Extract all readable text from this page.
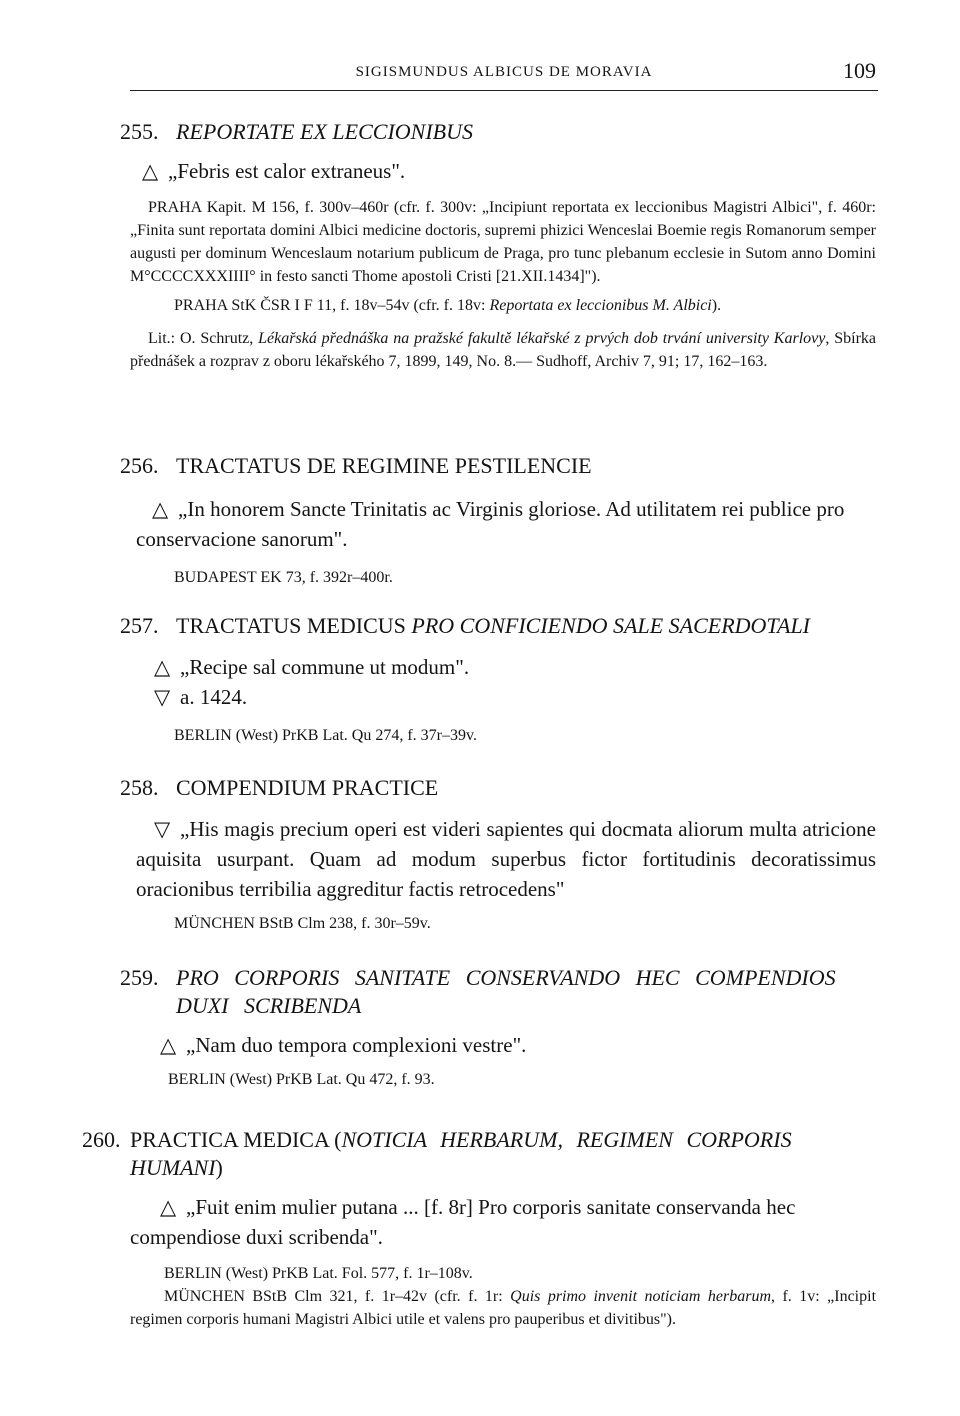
SIGISMUNDUS ALBICUS DE MORAVIA	109

255. REPORTATE EX LECCIONIBUS

△„Febris est calor extraneus".
PRAHA Kapit. M 156, f. 300v–460r (cfr. f. 300v: „Incipiunt reportata ex leccionibus Magistri Albici", f. 460r: „Finita sunt reportata domini Albici medicine doctoris, supremi phizici Wenceslai Boemie regis Romanorum semper augusti per dominum Wenceslaum notarium publicum de Praga, pro tunc plebanum ecclesie in Sutom anno Domini M°CCCCXXXIIII° in festo sancti Thome apostoli Cristi [21.XII.1434]").
PRAHA StK ČSR I F 11, f. 18v–54v (cfr. f. 18v: Reportata ex leccionibus M. Albici).
Lit.: O. Schrutz, Lékařská přednáška na pražské fakultě lékařské z prvých dob trvání university Karlovy, Sbírka přednášek a rozprav z oboru lékařského 7, 1899, 149, No. 8.— Sudhoff, Archiv 7, 91; 17, 162–163.

256. TRACTATUS DE REGIMINE PESTILENCIE

△„In honorem Sancte Trinitatis ac Virginis gloriose. Ad utilitatem rei publice pro conservacione sanorum".
BUDAPEST EK 73, f. 392r–400r.

257. TRACTATUS MEDICUS PRO CONFICIENDO SALE SACERDOTALI

△„Recipe sal commune ut modum".
▽a. 1424.
BERLIN (West) PrKB Lat. Qu 274, f. 37r–39v.

258. COMPENDIUM PRACTICE

▽„His magis precium operi est videri sapientes qui docmata aliorum multa atricione aquisita usurpant. Quam ad modum superbus fictor fortitudinis decoratissimus oracionibus terribilia aggreditur factis retrocedens"
MÜNCHEN BStB Clm 238, f. 30r–59v.

259. PRO CORPORIS SANITATE CONSERVANDO HEC COMPENDIOS DUXI SCRIBENDA

△„Nam duo tempora complexioni vestre".
BERLIN (West) PrKB Lat. Qu 472, f. 93.

260. PRACTICA MEDICA (NOTICIA HERBARUM, REGIMEN CORPORIS HUMANI)

△„Fuit enim mulier putana ... [f. 8r] Pro corporis sanitate conservanda hec compendiose duxi scribenda".
BERLIN (West) PrKB Lat. Fol. 577, f. 1r–108v.
MÜNCHEN BStB Clm 321, f. 1r–42v (cfr. f. 1r: Quis primo invenit noticiam herbarum, f. 1v: „Incipit regimen corporis humani Magistri Albici utile et valens pro pauperibus et divitibus").
